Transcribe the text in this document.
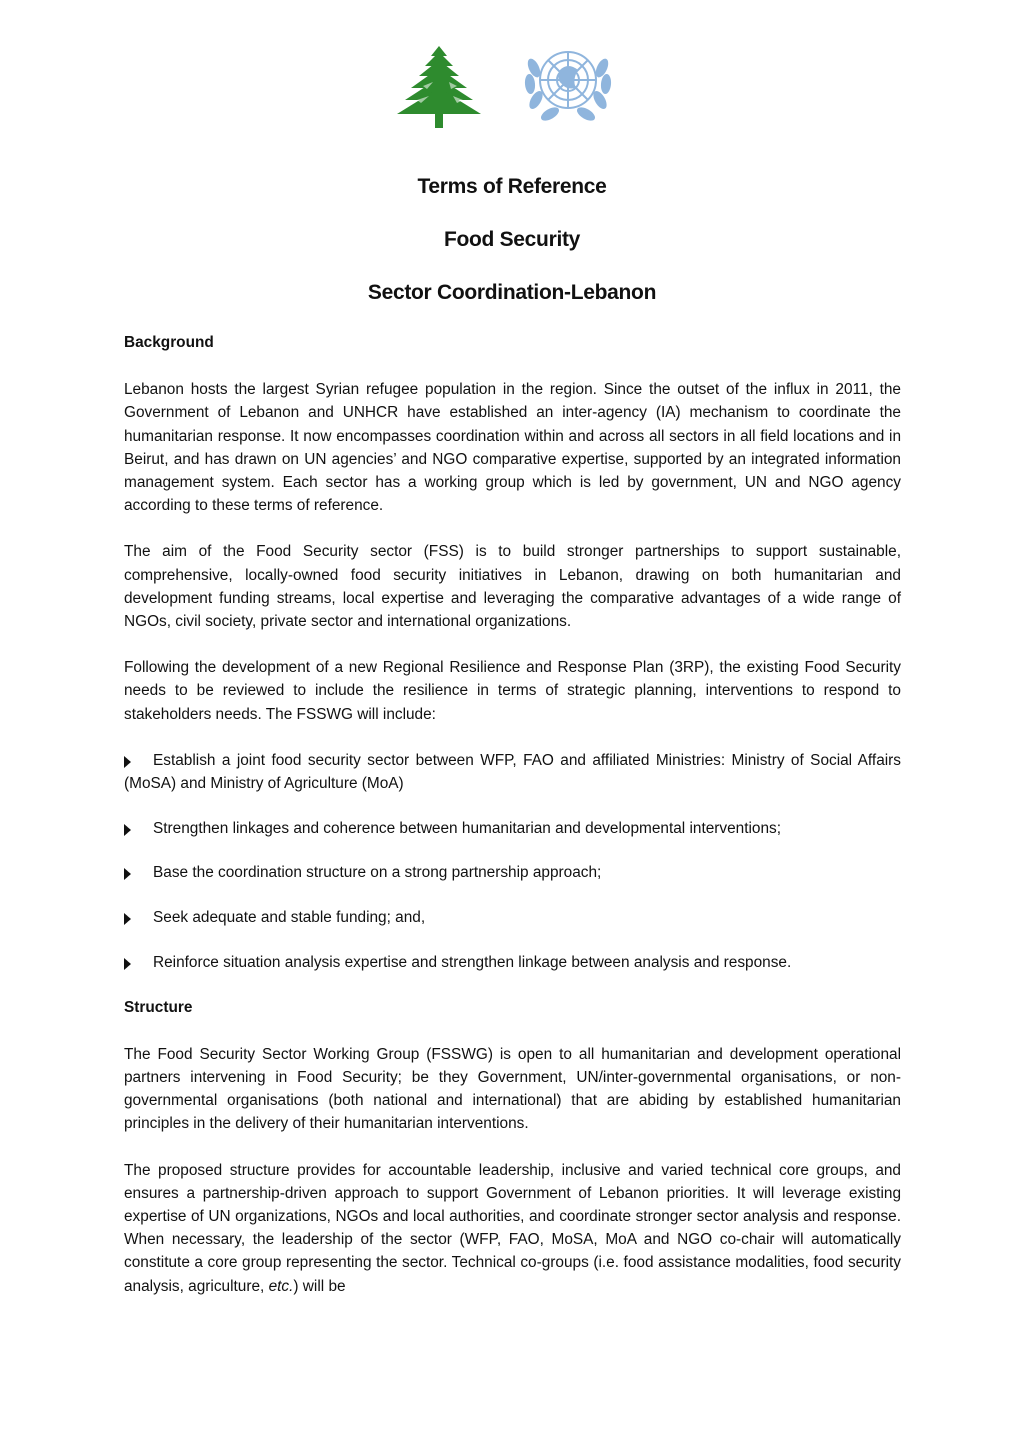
Terms of Reference
Food Security
Sector Coordination-Lebanon
Background

Lebanon hosts the largest Syrian refugee population in the region. Since the outset of the influx in 2011, the Government of Lebanon and UNHCR have established an inter-agency (IA) mechanism to coordinate the humanitarian response. It now encompasses coordination within and across all sectors in all field locations and in Beirut, and has drawn on UN agencies’ and NGO comparative expertise, supported by an integrated information management system. Each sector has a working group which is led by government, UN and NGO agency according to these terms of reference.

The aim of the Food Security sector (FSS) is to build stronger partnerships to support sustainable, comprehensive, locally-owned food security initiatives in Lebanon, drawing on both humanitarian and development funding streams, local expertise and leveraging the comparative advantages of a wide range of NGOs, civil society, private sector and international organizations.

Following the development of a new Regional Resilience and Response Plan (3RP), the existing Food Security needs to be reviewed to include the resilience in terms of strategic planning, interventions to respond to stakeholders needs. The FSSWG will include:

Establish a joint food security sector between WFP, FAO and affiliated Ministries: Ministry of Social Affairs (MoSA) and Ministry of Agriculture (MoA)
Strengthen linkages and coherence between humanitarian and developmental interventions;
Base the coordination structure on a strong partnership approach;
Seek adequate and stable funding; and,
Reinforce situation analysis expertise and strengthen linkage between analysis and response.
Structure

The Food Security Sector Working Group (FSSWG) is open to all humanitarian and development operational partners intervening in Food Security; be they Government, UN/inter-governmental organisations, or non-governmental organisations (both national and international) that are abiding by established humanitarian principles in the delivery of their humanitarian interventions.

The proposed structure provides for accountable leadership, inclusive and varied technical core groups, and ensures a partnership-driven approach to support Government of Lebanon priorities. It will leverage existing expertise of UN organizations, NGOs and local authorities, and coordinate stronger sector analysis and response. When necessary, the leadership of the sector (WFP, FAO, MoSA, MoA and NGO co-chair will automatically constitute a core group representing the sector. Technical co-groups (i.e. food assistance modalities, food security analysis, agriculture, etc.) will be
